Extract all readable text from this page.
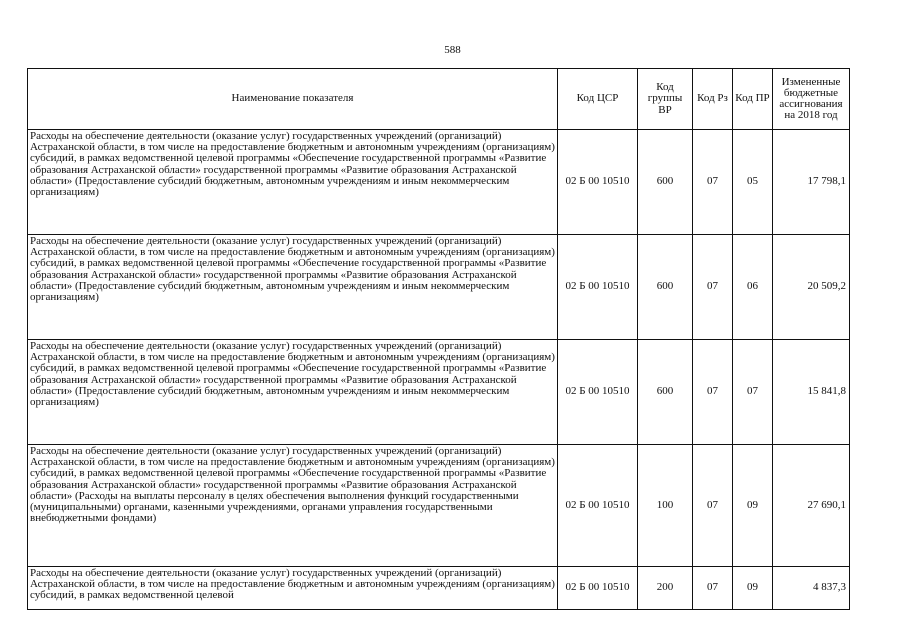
588
Наименование показателя	Код ЦСР	Код группы ВР	Код Рз	Код ПР	Измененные бюджетные ассигнования на 2018 год
Расходы на обеспечение деятельности (оказание услуг) государственных учреждений (организаций) Астраханской области, в том числе на предоставление бюджетным и автономным учреждениям (организациям) субсидий, в рамках ведомственной целевой программы «Обеспечение государственной программы «Развитие образования Астраханской области» государственной программы «Развитие образования Астраханской области» (Предоставление субсидий бюджетным, автономным учреждениям и иным некоммерческим организациям)	02 Б 00 10510	600	07	05	17 798,1
Расходы на обеспечение деятельности (оказание услуг) государственных учреждений (организаций) Астраханской области, в том числе на предоставление бюджетным и автономным учреждениям (организациям) субсидий, в рамках ведомственной целевой программы «Обеспечение государственной программы «Развитие образования Астраханской области» государственной программы «Развитие образования Астраханской области» (Предоставление субсидий бюджетным, автономным учреждениям и иным некоммерческим организациям)	02 Б 00 10510	600	07	06	20 509,2
Расходы на обеспечение деятельности (оказание услуг) государственных учреждений (организаций) Астраханской области, в том числе на предоставление бюджетным и автономным учреждениям (организациям) субсидий, в рамках ведомственной целевой программы «Обеспечение государственной программы «Развитие образования Астраханской области» государственной программы «Развитие образования Астраханской области» (Предоставление субсидий бюджетным, автономным учреждениям и иным некоммерческим организациям)	02 Б 00 10510	600	07	07	15 841,8
Расходы на обеспечение деятельности (оказание услуг) государственных учреждений (организаций) Астраханской области, в том числе на предоставление бюджетным и автономным учреждениям (организациям) субсидий, в рамках ведомственной целевой программы «Обеспечение государственной программы «Развитие образования Астраханской области» государственной программы «Развитие образования Астраханской области» (Расходы на выплаты персоналу в целях обеспечения выполнения функций государственными (муниципальными) органами, казенными учреждениями, органами управления государственными внебюджетными фондами)	02 Б 00 10510	100	07	09	27 690,1
Расходы на обеспечение деятельности (оказание услуг) государственных учреждений (организаций) Астраханской области, в том числе на предоставление бюджетным и автономным учреждениям (организациям) субсидий, в рамках ведомственной целевой	02 Б 00 10510	200	07	09	4 837,3
